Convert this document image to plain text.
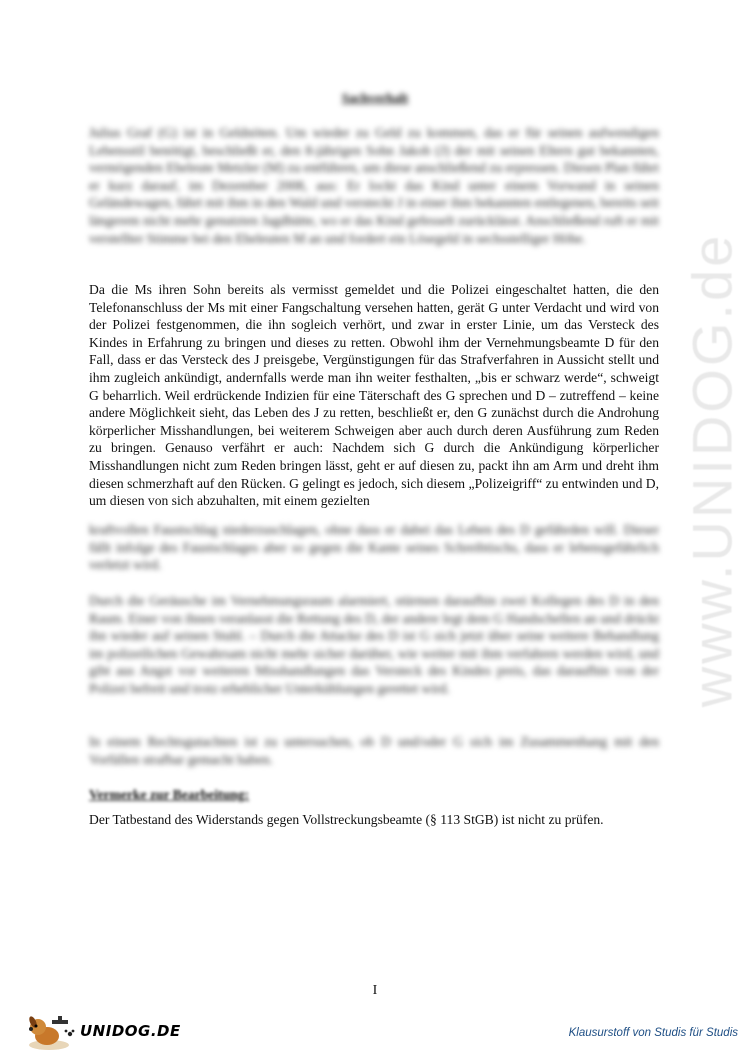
www.UNIDOG.de
Sachverhalt

Julius Graf (G) ist in Geldnöten. Um wieder zu Geld zu kommen, das er für seinen aufwendigen Lebensstil benötigt, beschließt er, den 8-jährigen Sohn Jakob (J) der mit seinen Eltern gut bekannten, vermögenden Eheleute Metzler (M) zu entführen, um diese anschließend zu erpressen. Diesen Plan führt er kurz darauf, im Dezember 2008, aus: Er lockt das Kind unter einem Vorwand in seinen Geländewagen, fährt mit ihm in den Wald und versteckt J in einer ihm bekannten entlegenen, bereits seit längerem nicht mehr genutzten Jagdhütte, wo er das Kind gefesselt zurücklässt. Anschließend ruft er mit verstellter Stimme bei den Eheleuten M an und fordert ein Lösegeld in sechsstelliger Höhe.

Da die Ms ihren Sohn bereits als vermisst gemeldet und die Polizei eingeschaltet hatten, die den Telefonanschluss der Ms mit einer Fangschaltung versehen hatten, gerät G unter Verdacht und wird von der Polizei festgenommen, die ihn sogleich verhört, und zwar in erster Linie, um das Versteck des Kindes in Erfahrung zu bringen und dieses zu retten. Obwohl ihm der Vernehmungsbeamte D für den Fall, dass er das Versteck des J preisgebe, Vergünstigungen für das Strafverfahren in Aussicht stellt und ihm zugleich ankündigt, andernfalls werde man ihn weiter festhalten, „bis er schwarz werde“, schweigt G beharrlich. Weil erdrückende Indizien für eine Täterschaft des G sprechen und D – zutreffend – keine andere Möglichkeit sieht, das Leben des J zu retten, beschließt er, den G zunächst durch die Androhung körperlicher Misshandlungen, bei weiterem Schweigen aber auch durch deren Ausführung zum Reden zu bringen. Genauso verfährt er auch: Nachdem sich G durch die Ankündigung körperlicher Misshandlungen nicht zum Reden bringen lässt, geht er auf diesen zu, packt ihn am Arm und dreht ihm diesen schmerzhaft auf den Rücken. G gelingt es jedoch, sich diesem „Polizeigriff“ zu entwinden und D, um diesen von sich abzuhalten, mit einem gezielten

kraftvollen Faustschlag niederzuschlagen, ohne dass er dabei das Leben des D gefährden will. Dieser fällt infolge des Faustschlages aber so gegen die Kante seines Schreibtischs, dass er lebensgefährlich verletzt wird.

Durch die Geräusche im Vernehmungsraum alarmiert, stürmen daraufhin zwei Kollegen des D in den Raum. Einer von ihnen veranlasst die Rettung des D, der andere legt dem G Handschellen an und drückt ihn wieder auf seinen Stuhl. – Durch die Attacke des D ist G sich jetzt über seine weitere Behandlung im polizeilichen Gewahrsam nicht mehr sicher darüber, wie weiter mit ihm verfahren werden wird, und gibt aus Angst vor weiteren Misshandlungen das Versteck des Kindes preis, das daraufhin von der Polizei befreit und trotz erheblicher Unterkühlungen gerettet wird.

In einem Rechtsgutachten ist zu untersuchen, ob D und/oder G sich im Zusammenhang mit den Vorfällen strafbar gemacht haben.

Vermerke zur Bearbeitung:

Der Tatbestand des Widerstands gegen Vollstreckungsbeamte (§ 113 StGB) ist nicht zu prüfen.

I
UNIDOG.DE	Klausurstoff von Studis für Studis
